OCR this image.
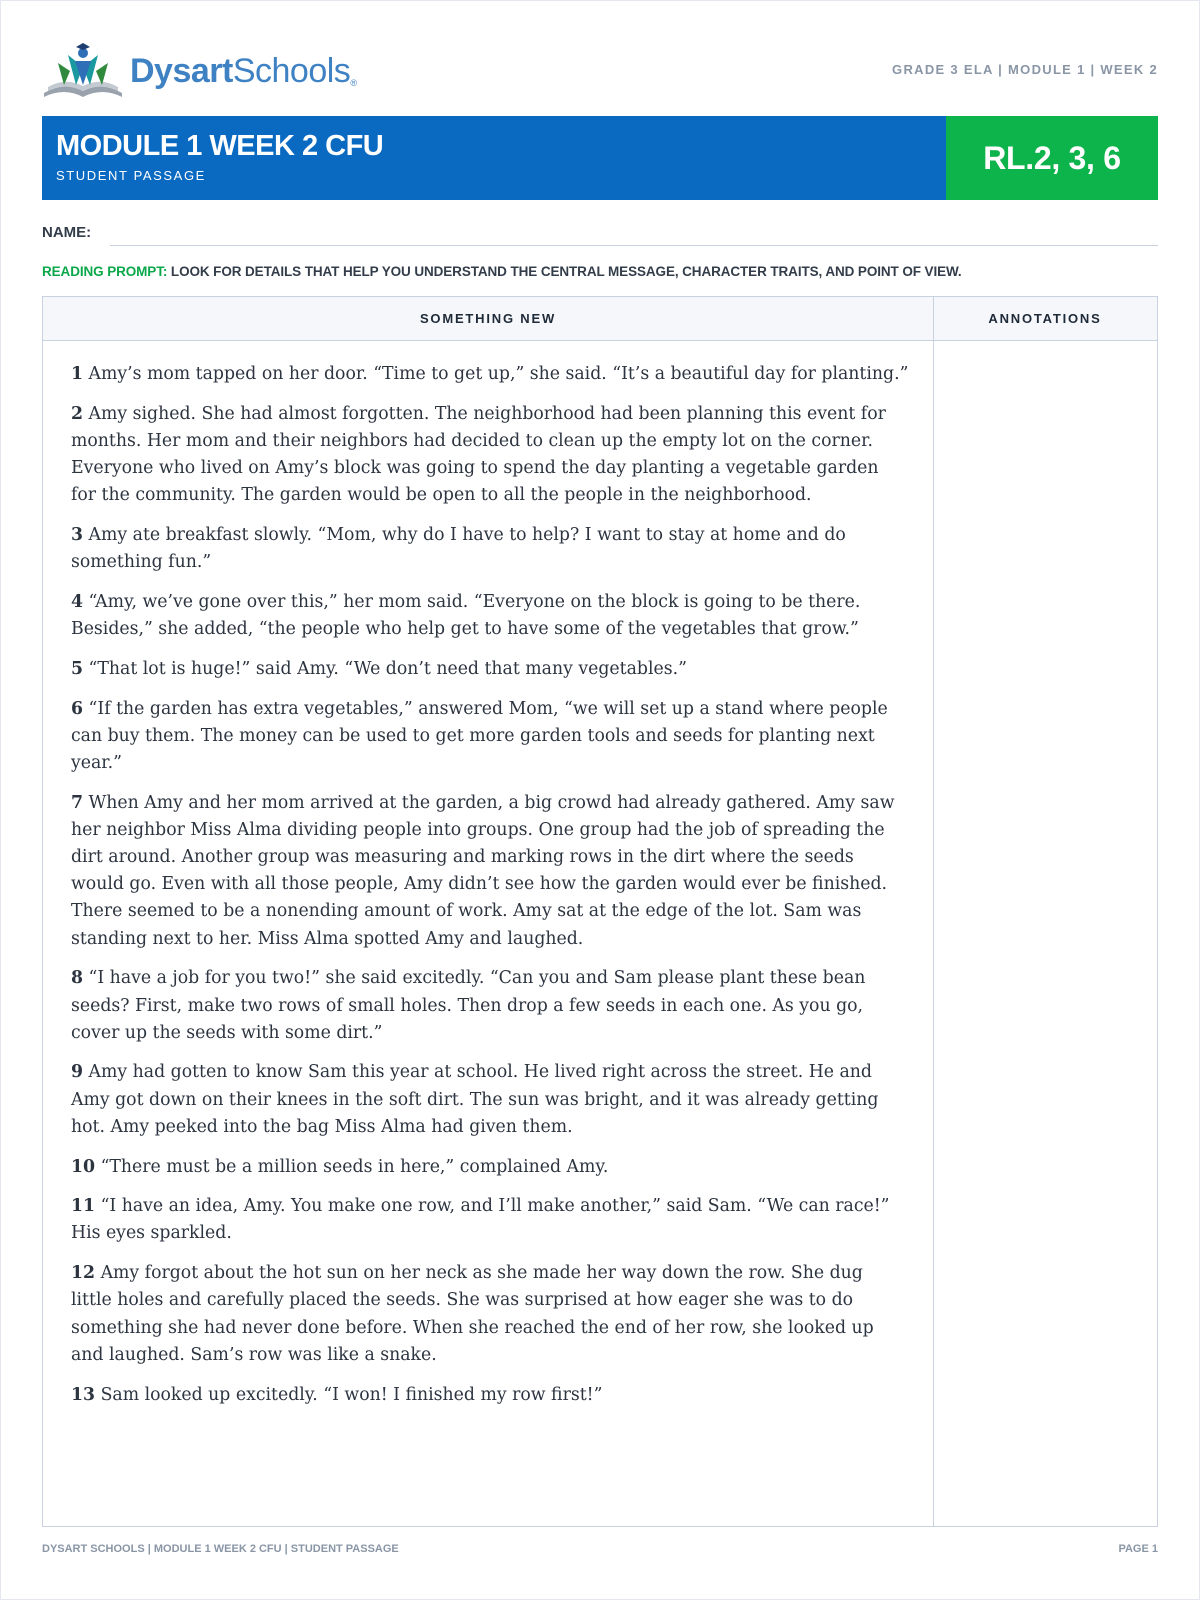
DysartSchools®
GRADE 3 ELA | MODULE 1 | WEEK 2
MODULE 1 WEEK 2 CFU
STUDENT PASSAGE	RL.2, 3, 6
NAME:
READING PROMPT: LOOK FOR DETAILS THAT HELP YOU UNDERSTAND THE CENTRAL MESSAGE, CHARACTER TRAITS, AND POINT OF VIEW.
SOMETHING NEW	ANNOTATIONS

1 Amy’s mom tapped on her door. “Time to get up,” she said. “It’s a beautiful day for planting.”

2 Amy sighed. She had almost forgotten. The neighborhood had been planning this event for months. Her mom and their neighbors had decided to clean up the empty lot on the corner. Everyone who lived on Amy’s block was going to spend the day planting a vegetable garden for the community. The garden would be open to all the people in the neighborhood.

3 Amy ate breakfast slowly. “Mom, why do I have to help? I want to stay at home and do something fun.”

4 “Amy, we’ve gone over this,” her mom said. “Everyone on the block is going to be there. Besides,” she added, “the people who help get to have some of the vegetables that grow.”

5 “That lot is huge!” said Amy. “We don’t need that many vegetables.”

6 “If the garden has extra vegetables,” answered Mom, “we will set up a stand where people can buy them. The money can be used to get more garden tools and seeds for planting next year.”

7 When Amy and her mom arrived at the garden, a big crowd had already gathered. Amy saw her neighbor Miss Alma dividing people into groups. One group had the job of spreading the dirt around. Another group was measuring and marking rows in the dirt where the seeds would go. Even with all those people, Amy didn’t see how the garden would ever be finished. There seemed to be a nonending amount of work. Amy sat at the edge of the lot. Sam was standing next to her. Miss Alma spotted Amy and laughed.

8 “I have a job for you two!” she said excitedly. “Can you and Sam please plant these bean seeds? First, make two rows of small holes. Then drop a few seeds in each one. As you go, cover up the seeds with some dirt.”

9 Amy had gotten to know Sam this year at school. He lived right across the street. He and Amy got down on their knees in the soft dirt. The sun was bright, and it was already getting hot. Amy peeked into the bag Miss Alma had given them.

10 “There must be a million seeds in here,” complained Amy.

11 “I have an idea, Amy. You make one row, and I’ll make another,” said Sam. “We can race!” His eyes sparkled.

12 Amy forgot about the hot sun on her neck as she made her way down the row. She dug little holes and carefully placed the seeds. She was surprised at how eager she was to do something she had never done before. When she reached the end of her row, she looked up and laughed. Sam’s row was like a snake.

13 Sam looked up excitedly. “I won! I finished my row first!”

DYSART SCHOOLS | MODULE 1 WEEK 2 CFU | STUDENT PASSAGE	PAGE 1
